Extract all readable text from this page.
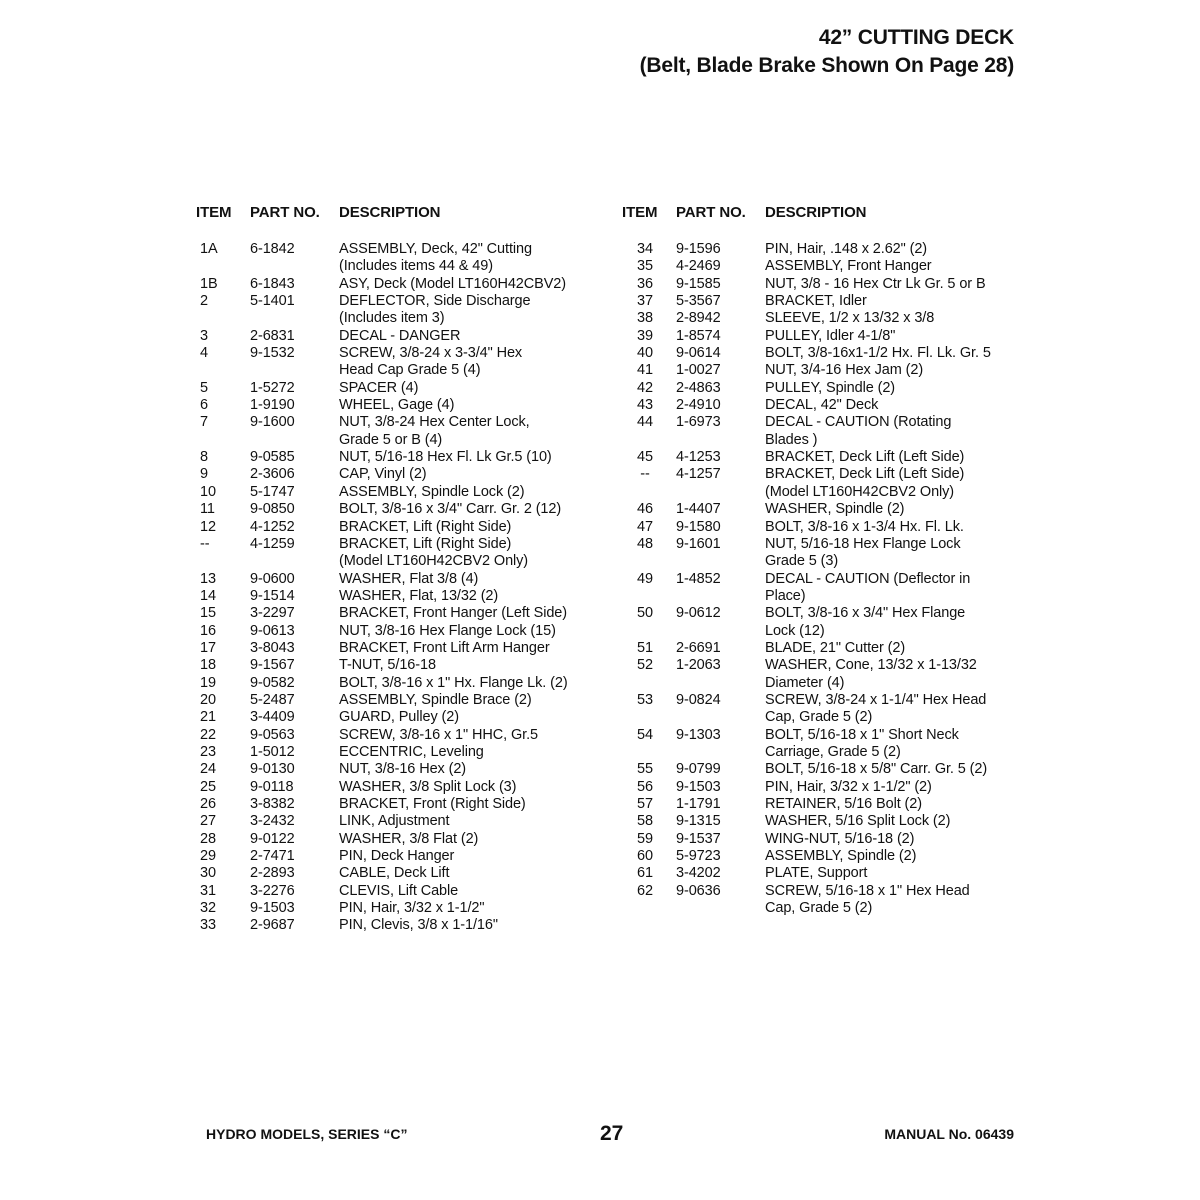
42” CUTTING DECK
(Belt, Blade Brake Shown On Page 28)
ITEM	PART NO.	DESCRIPTION
1A	6-1842	ASSEMBLY, Deck, 42" Cutting
(Includes items 44 & 49)
1B	6-1843	ASY, Deck (Model LT160H42CBV2)
2	5-1401	DEFLECTOR, Side Discharge
(Includes item 3)
3	2-6831	DECAL - DANGER
4	9-1532	SCREW, 3/8-24 x 3-3/4" Hex
Head Cap Grade 5 (4)
5	1-5272	SPACER (4)
6	1-9190	WHEEL, Gage (4)
7	9-1600	NUT, 3/8-24 Hex Center Lock,
Grade 5 or B (4)
8	9-0585	NUT, 5/16-18 Hex Fl. Lk Gr.5 (10)
9	2-3606	CAP, Vinyl (2)
10	5-1747	ASSEMBLY, Spindle Lock (2)
11	9-0850	BOLT, 3/8-16 x 3/4" Carr. Gr. 2 (12)
12	4-1252	BRACKET, Lift (Right Side)
--	4-1259	BRACKET, Lift (Right Side)
(Model LT160H42CBV2 Only)
13	9-0600	WASHER, Flat 3/8 (4)
14	9-1514	WASHER, Flat, 13/32 (2)
15	3-2297	BRACKET, Front Hanger (Left Side)
16	9-0613	NUT, 3/8-16 Hex Flange Lock (15)
17	3-8043	BRACKET, Front Lift Arm Hanger
18	9-1567	T-NUT, 5/16-18
19	9-0582	BOLT, 3/8-16 x 1" Hx. Flange Lk. (2)
20	5-2487	ASSEMBLY, Spindle Brace (2)
21	3-4409	GUARD, Pulley (2)
22	9-0563	SCREW, 3/8-16 x 1" HHC, Gr.5
23	1-5012	ECCENTRIC, Leveling
24	9-0130	NUT, 3/8-16 Hex (2)
25	9-0118	WASHER, 3/8 Split Lock (3)
26	3-8382	BRACKET, Front (Right Side)
27	3-2432	LINK, Adjustment
28	9-0122	WASHER, 3/8 Flat (2)
29	2-7471	PIN, Deck Hanger
30	2-2893	CABLE, Deck Lift
31	3-2276	CLEVIS, Lift Cable
32	9-1503	PIN, Hair, 3/32 x 1-1/2"
33	2-9687	PIN, Clevis, 3/8 x 1-1/16"
ITEM	PART NO.	DESCRIPTION
34	9-1596	PIN, Hair, .148 x 2.62" (2)
35	4-2469	ASSEMBLY, Front Hanger
36	9-1585	NUT, 3/8 - 16 Hex Ctr Lk Gr. 5 or B
37	5-3567	BRACKET, Idler
38	2-8942	SLEEVE, 1/2 x 13/32 x 3/8
39	1-8574	PULLEY, Idler 4-1/8"
40	9-0614	BOLT, 3/8-16x1-1/2 Hx. Fl. Lk. Gr. 5
41	1-0027	NUT, 3/4-16 Hex Jam (2)
42	2-4863	PULLEY, Spindle (2)
43	2-4910	DECAL, 42" Deck
44	1-6973	DECAL - CAUTION (Rotating
Blades )
45	4-1253	BRACKET, Deck Lift (Left Side)
--	4-1257	BRACKET, Deck Lift (Left Side)
(Model LT160H42CBV2 Only)
46	1-4407	WASHER, Spindle (2)
47	9-1580	BOLT, 3/8-16 x 1-3/4 Hx. Fl. Lk.
48	9-1601	NUT, 5/16-18 Hex Flange Lock
Grade 5 (3)
49	1-4852	DECAL - CAUTION (Deflector in
Place)
50	9-0612	BOLT, 3/8-16 x 3/4" Hex Flange
Lock (12)
51	2-6691	BLADE, 21" Cutter (2)
52	1-2063	WASHER, Cone, 13/32 x 1-13/32
Diameter (4)
53	9-0824	SCREW, 3/8-24 x 1-1/4" Hex Head
Cap, Grade 5 (2)
54	9-1303	BOLT, 5/16-18 x 1" Short Neck
Carriage, Grade 5 (2)
55	9-0799	BOLT, 5/16-18 x 5/8" Carr. Gr. 5 (2)
56	9-1503	PIN, Hair, 3/32 x 1-1/2" (2)
57	1-1791	RETAINER, 5/16 Bolt (2)
58	9-1315	WASHER, 5/16 Split Lock (2)
59	9-1537	WING-NUT, 5/16-18 (2)
60	5-9723	ASSEMBLY, Spindle (2)
61	3-4202	PLATE, Support
62	9-0636	SCREW, 5/16-18 x 1" Hex Head
Cap, Grade 5 (2)
HYDRO MODELS, SERIES “C”	27	MANUAL No. 06439
